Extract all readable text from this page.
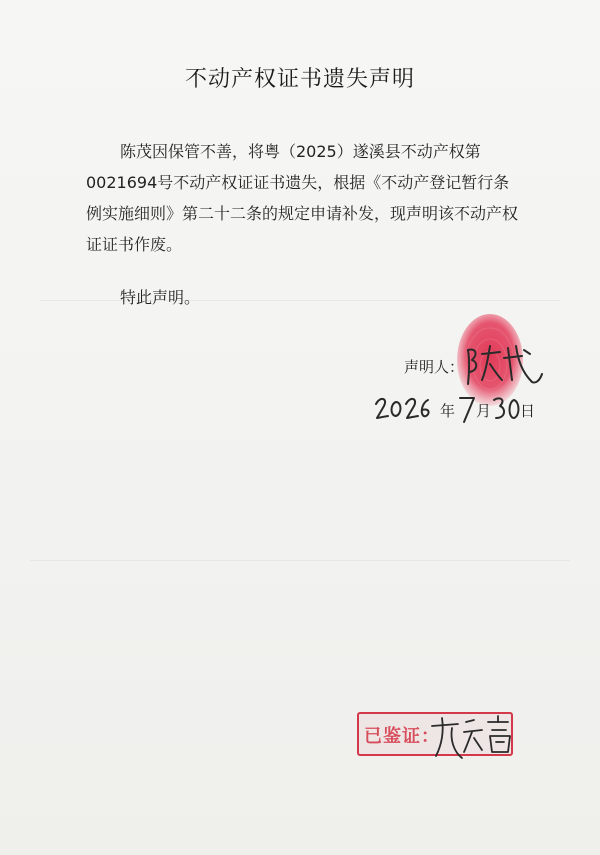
不动产权证书遗失声明

陈茂因保管不善，将粤（2025）遂溪县不动产权第0021694号不动产权证证书遗失，根据《不动产登记暂行条例实施细则》第二十二条的规定申请补发，现声明该不动产权证证书作废。

特此声明。
声明人：
年 月 日
已鉴证：
